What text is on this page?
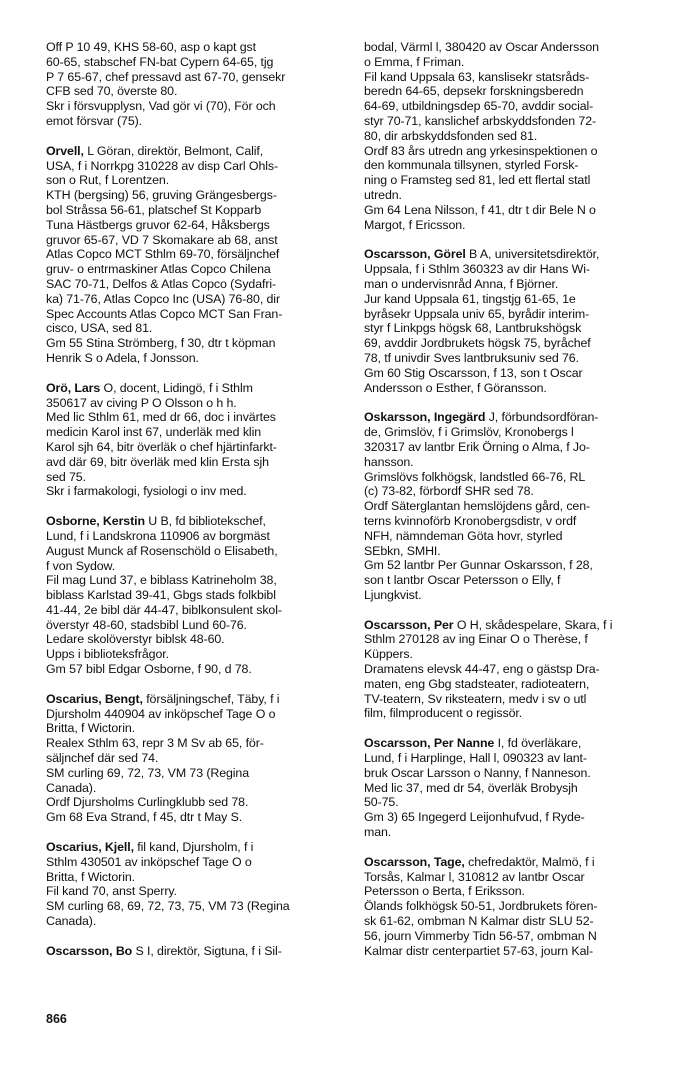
Off P 10 49, KHS 58-60, asp o kapt gst

60-65, stabschef FN-bat Cypern 64-65, tjg

P 7 65-67, chef pressavd ast 67-70, gensekr

CFB sed 70, överste 80.

Skr i försvupplysn, Vad gör vi (70), För och

emot försvar (75).

Orvell, L Göran, direktör, Belmont, Calif,

USA, f i Norrkpg 310228 av disp Carl Ohls-

son o Rut, f Lorentzen.

KTH (bergsing) 56, gruving Grängesbergs-

bol Stråssa 56-61, platschef St Kopparb

Tuna Hästbergs gruvor 62-64, Håksbergs

gruvor 65-67, VD 7 Skomakare ab 68, anst

Atlas Copco MCT Sthlm 69-70, försäljnchef

gruv- o entrmaskiner Atlas Copco Chilena

SAC 70-71, Delfos & Atlas Copco (Sydafri-

ka) 71-76, Atlas Copco Inc (USA) 76-80, dir

Spec Accounts Atlas Copco MCT San Fran-

cisco, USA, sed 81.

Gm 55 Stina Strömberg, f 30, dtr t köpman

Henrik S o Adela, f Jonsson.

Orö, Lars O, docent, Lidingö, f i Sthlm

350617 av civing P O Olsson o h h.

Med lic Sthlm 61, med dr 66, doc i invärtes

medicin Karol inst 67, underläk med klin

Karol sjh 64, bitr överläk o chef hjärtinfarkt-

avd där 69, bitr överläk med klin Ersta sjh

sed 75.

Skr i farmakologi, fysiologi o inv med.

Osborne, Kerstin U B, fd bibliotekschef,

Lund, f i Landskrona 110906 av borgmäst

August Munck af Rosenschöld o Elisabeth,

f von Sydow.

Fil mag Lund 37, e biblass Katrineholm 38,

biblass Karlstad 39-41, Gbgs stads folkbibl

41-44, 2e bibl där 44-47, biblkonsulent skol-

överstyr 48-60, stadsbibl Lund 60-76.

Ledare skolöverstyr biblsk 48-60.

Upps i biblioteksfrågor.

Gm 57 bibl Edgar Osborne, f 90, d 78.

Oscarius, Bengt, försäljningschef, Täby, f i

Djursholm 440904 av inköpschef Tage O o

Britta, f Wictorin.

Realex Sthlm 63, repr 3 M Sv ab 65, för-

säljnchef där sed 74.

SM curling 69, 72, 73, VM 73 (Regina

Canada).

Ordf Djursholms Curlingklubb sed 78.

Gm 68 Eva Strand, f 45, dtr t May S.

Oscarius, Kjell, fil kand, Djursholm, f i

Sthlm 430501 av inköpschef Tage O o

Britta, f Wictorin.

Fil kand 70, anst Sperry.

SM curling 68, 69, 72, 73, 75, VM 73 (Regina

Canada).

Oscarsson, Bo S I, direktör, Sigtuna, f i Sil-

bodal, Värml l, 380420 av Oscar Andersson

o Emma, f Friman.

Fil kand Uppsala 63, kanslisekr statsråds-

beredn 64-65, depsekr forskningsberedn

64-69, utbildningsdep 65-70, avddir social-

styr 70-71, kanslichef arbskyddsfonden 72-

80, dir arbskyddsfonden sed 81.

Ordf 83 års utredn ang yrkesinspektionen o

den kommunala tillsynen, styrled Forsk-

ning o Framsteg sed 81, led ett flertal statl

utredn.

Gm 64 Lena Nilsson, f 41, dtr t dir Bele N o

Margot, f Ericsson.

Oscarsson, Görel B A, universitetsdirektör,

Uppsala, f i Sthlm 360323 av dir Hans Wi-

man o undervisnråd Anna, f Björner.

Jur kand Uppsala 61, tingstjg 61-65, 1e

byråsekr Uppsala univ 65, byrådir interim-

styr f Linkpgs högsk 68, Lantbrukshögsk

69, avddir Jordbrukets högsk 75, byråchef

78, tf univdir Sves lantbruksuniv sed 76.

Gm 60 Stig Oscarsson, f 13, son t Oscar

Andersson o Esther, f Göransson.

Oskarsson, Ingegärd J, förbundsordföran-

de, Grimslöv, f i Grimslöv, Kronobergs l

320317 av lantbr Erik Örning o Alma, f Jo-

hansson.

Grimslövs folkhögsk, landstled 66-76, RL

(c) 73-82, förbordf SHR sed 78.

Ordf Säterglantan hemslöjdens gård, cen-

terns kvinnoförb Kronobergsdistr, v ordf

NFH, nämndeman Göta hovr, styrled

SEbkn, SMHI.

Gm 52 lantbr Per Gunnar Oskarsson, f 28,

son t lantbr Oscar Petersson o Elly, f

Ljungkvist.

Oscarsson, Per O H, skådespelare, Skara, f i

Sthlm 270128 av ing Einar O o Therèse, f

Küppers.

Dramatens elevsk 44-47, eng o gästsp Dra-

maten, eng Gbg stadsteater, radioteatern,

TV-teatern, Sv riksteatern, medv i sv o utl

film, filmproducent o regissör.

Oscarsson, Per Nanne I, fd överläkare,

Lund, f i Harplinge, Hall l, 090323 av lant-

bruk Oscar Larsson o Nanny, f Nanneson.

Med lic 37, med dr 54, överläk Brobysjh

50-75.

Gm 3) 65 Ingegerd Leijonhufvud, f Ryde-

man.

Oscarsson, Tage, chefredaktör, Malmö, f i

Torsås, Kalmar l, 310812 av lantbr Oscar

Petersson o Berta, f Eriksson.

Ölands folkhögsk 50-51, Jordbrukets fören-

sk 61-62, ombman N Kalmar distr SLU 52-

56, journ Vimmerby Tidn 56-57, ombman N

Kalmar distr centerpartiet 57-63, journ Kal-

866
